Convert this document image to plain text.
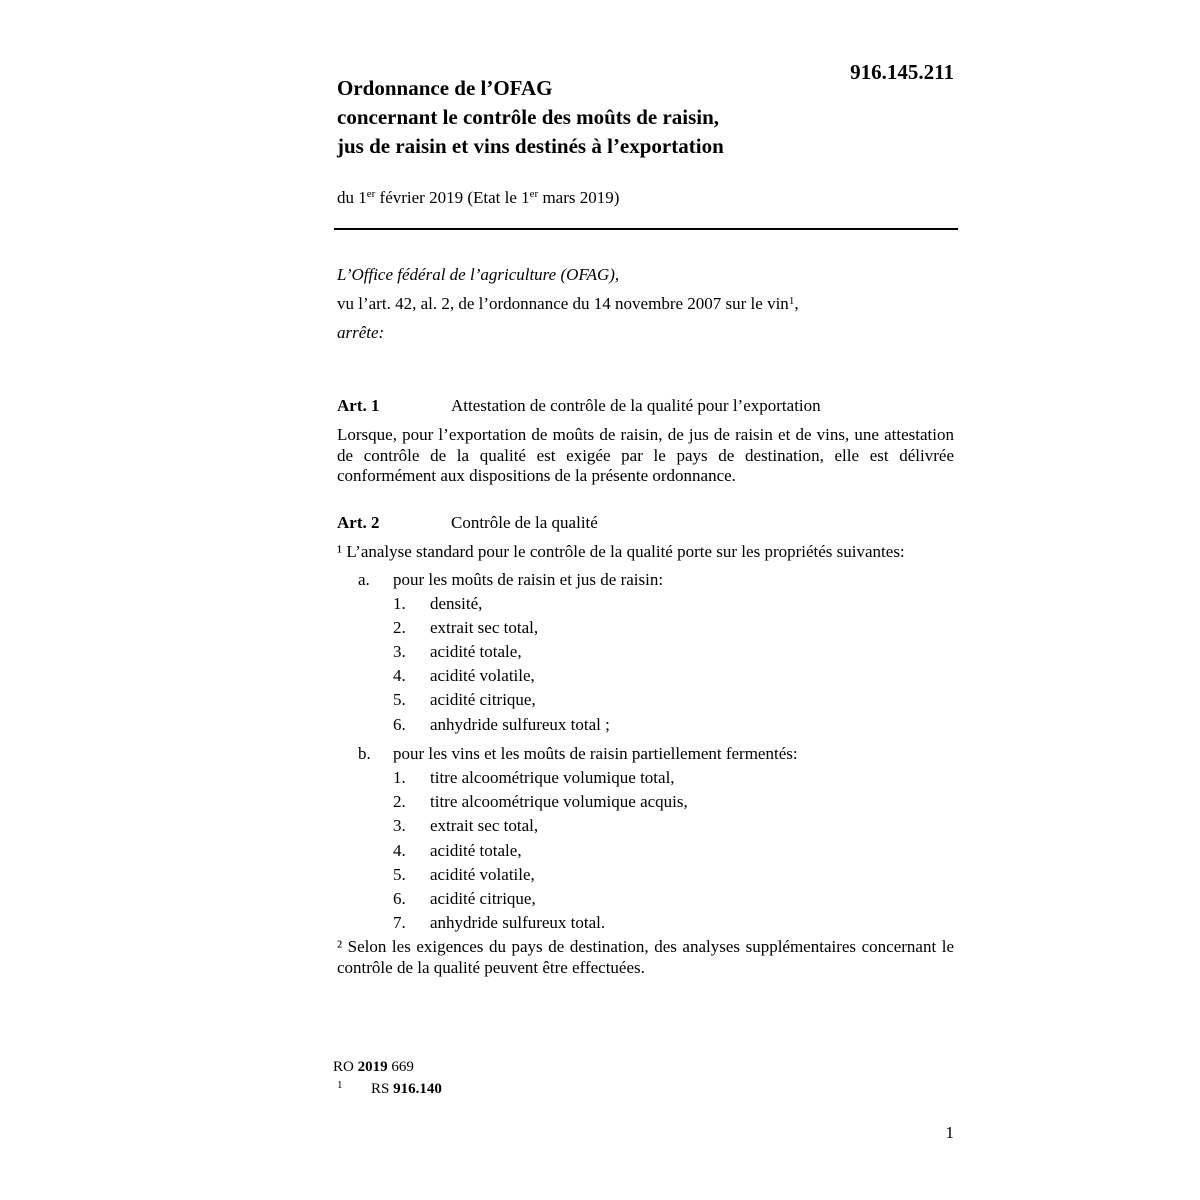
916.145.211
Ordonnance de l’OFAG
concernant le contrôle des moûts de raisin,
jus de raisin et vins destinés à l’exportation
du 1er février 2019 (Etat le 1er mars 2019)
L’Office fédéral de l’agriculture (OFAG),
vu l’art. 42, al. 2, de l’ordonnance du 14 novembre 2007 sur le vin$^1$,
arrête:
Art. 1	Attestation de contrôle de la qualité pour l’exportation
Lorsque, pour l’exportation de moûts de raisin, de jus de raisin et de vins, une attestation de contrôle de la qualité est exigée par le pays de destination, elle est délivrée conformément aux dispositions de la présente ordonnance.
Art. 2	Contrôle de la qualité
¹ L’analyse standard pour le contrôle de la qualité porte sur les propriétés suivantes:
a. pour les moûts de raisin et jus de raisin:
1. densité,
2. extrait sec total,
3. acidité totale,
4. acidité volatile,
5. acidité citrique,
6. anhydride sulfureux total ;
b. pour les vins et les moûts de raisin partiellement fermentés:
1. titre alcoométrique volumique total,
2. titre alcoométrique volumique acquis,
3. extrait sec total,
4. acidité totale,
5. acidité volatile,
6. acidité citrique,
7. anhydride sulfureux total.
² Selon les exigences du pays de destination, des analyses supplémentaires concernant le contrôle de la qualité peuvent être effectuées.
RO 2019 669
1 RS 916.140
1
